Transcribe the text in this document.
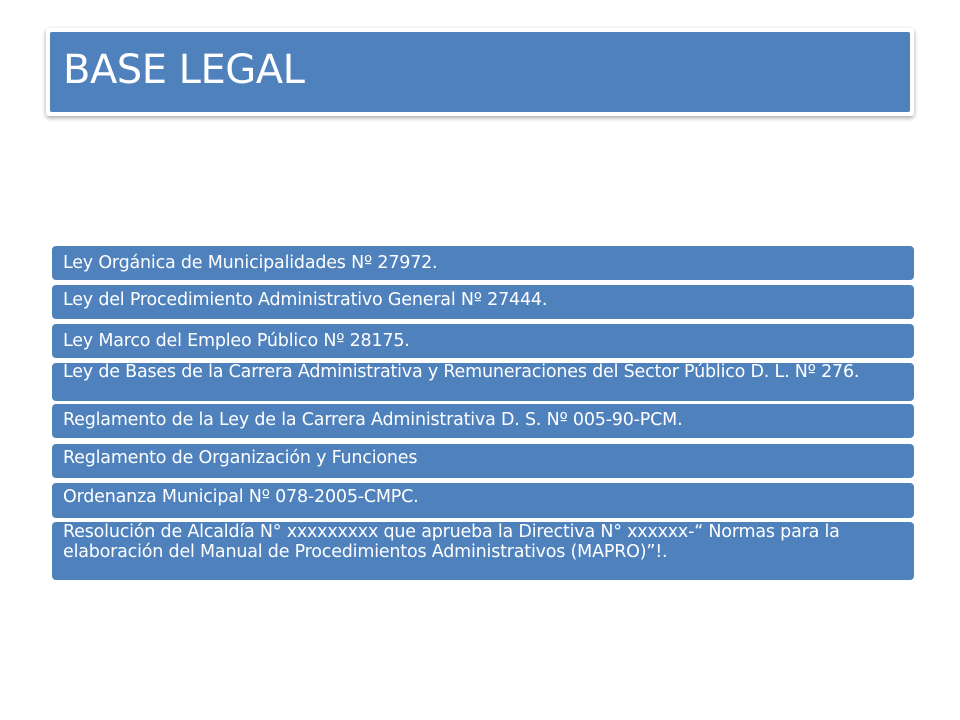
BASE LEGAL
Ley Orgánica de Municipalidades Nº 27972.
Ley del Procedimiento Administrativo General Nº 27444.
Ley Marco del Empleo Público Nº 28175.
Ley de Bases de la Carrera Administrativa y Remuneraciones del Sector Público D. L. Nº 276.
Reglamento de la Ley de la Carrera Administrativa D. S. Nº 005-90-PCM.
Reglamento de Organización y Funciones
Ordenanza Municipal Nº 078-2005-CMPC.
Resolución de Alcaldía N° xxxxxxxxx que aprueba la Directiva N° xxxxxx-“ Normas para la elaboración del Manual de Procedimientos Administrativos (MAPRO)”!.
